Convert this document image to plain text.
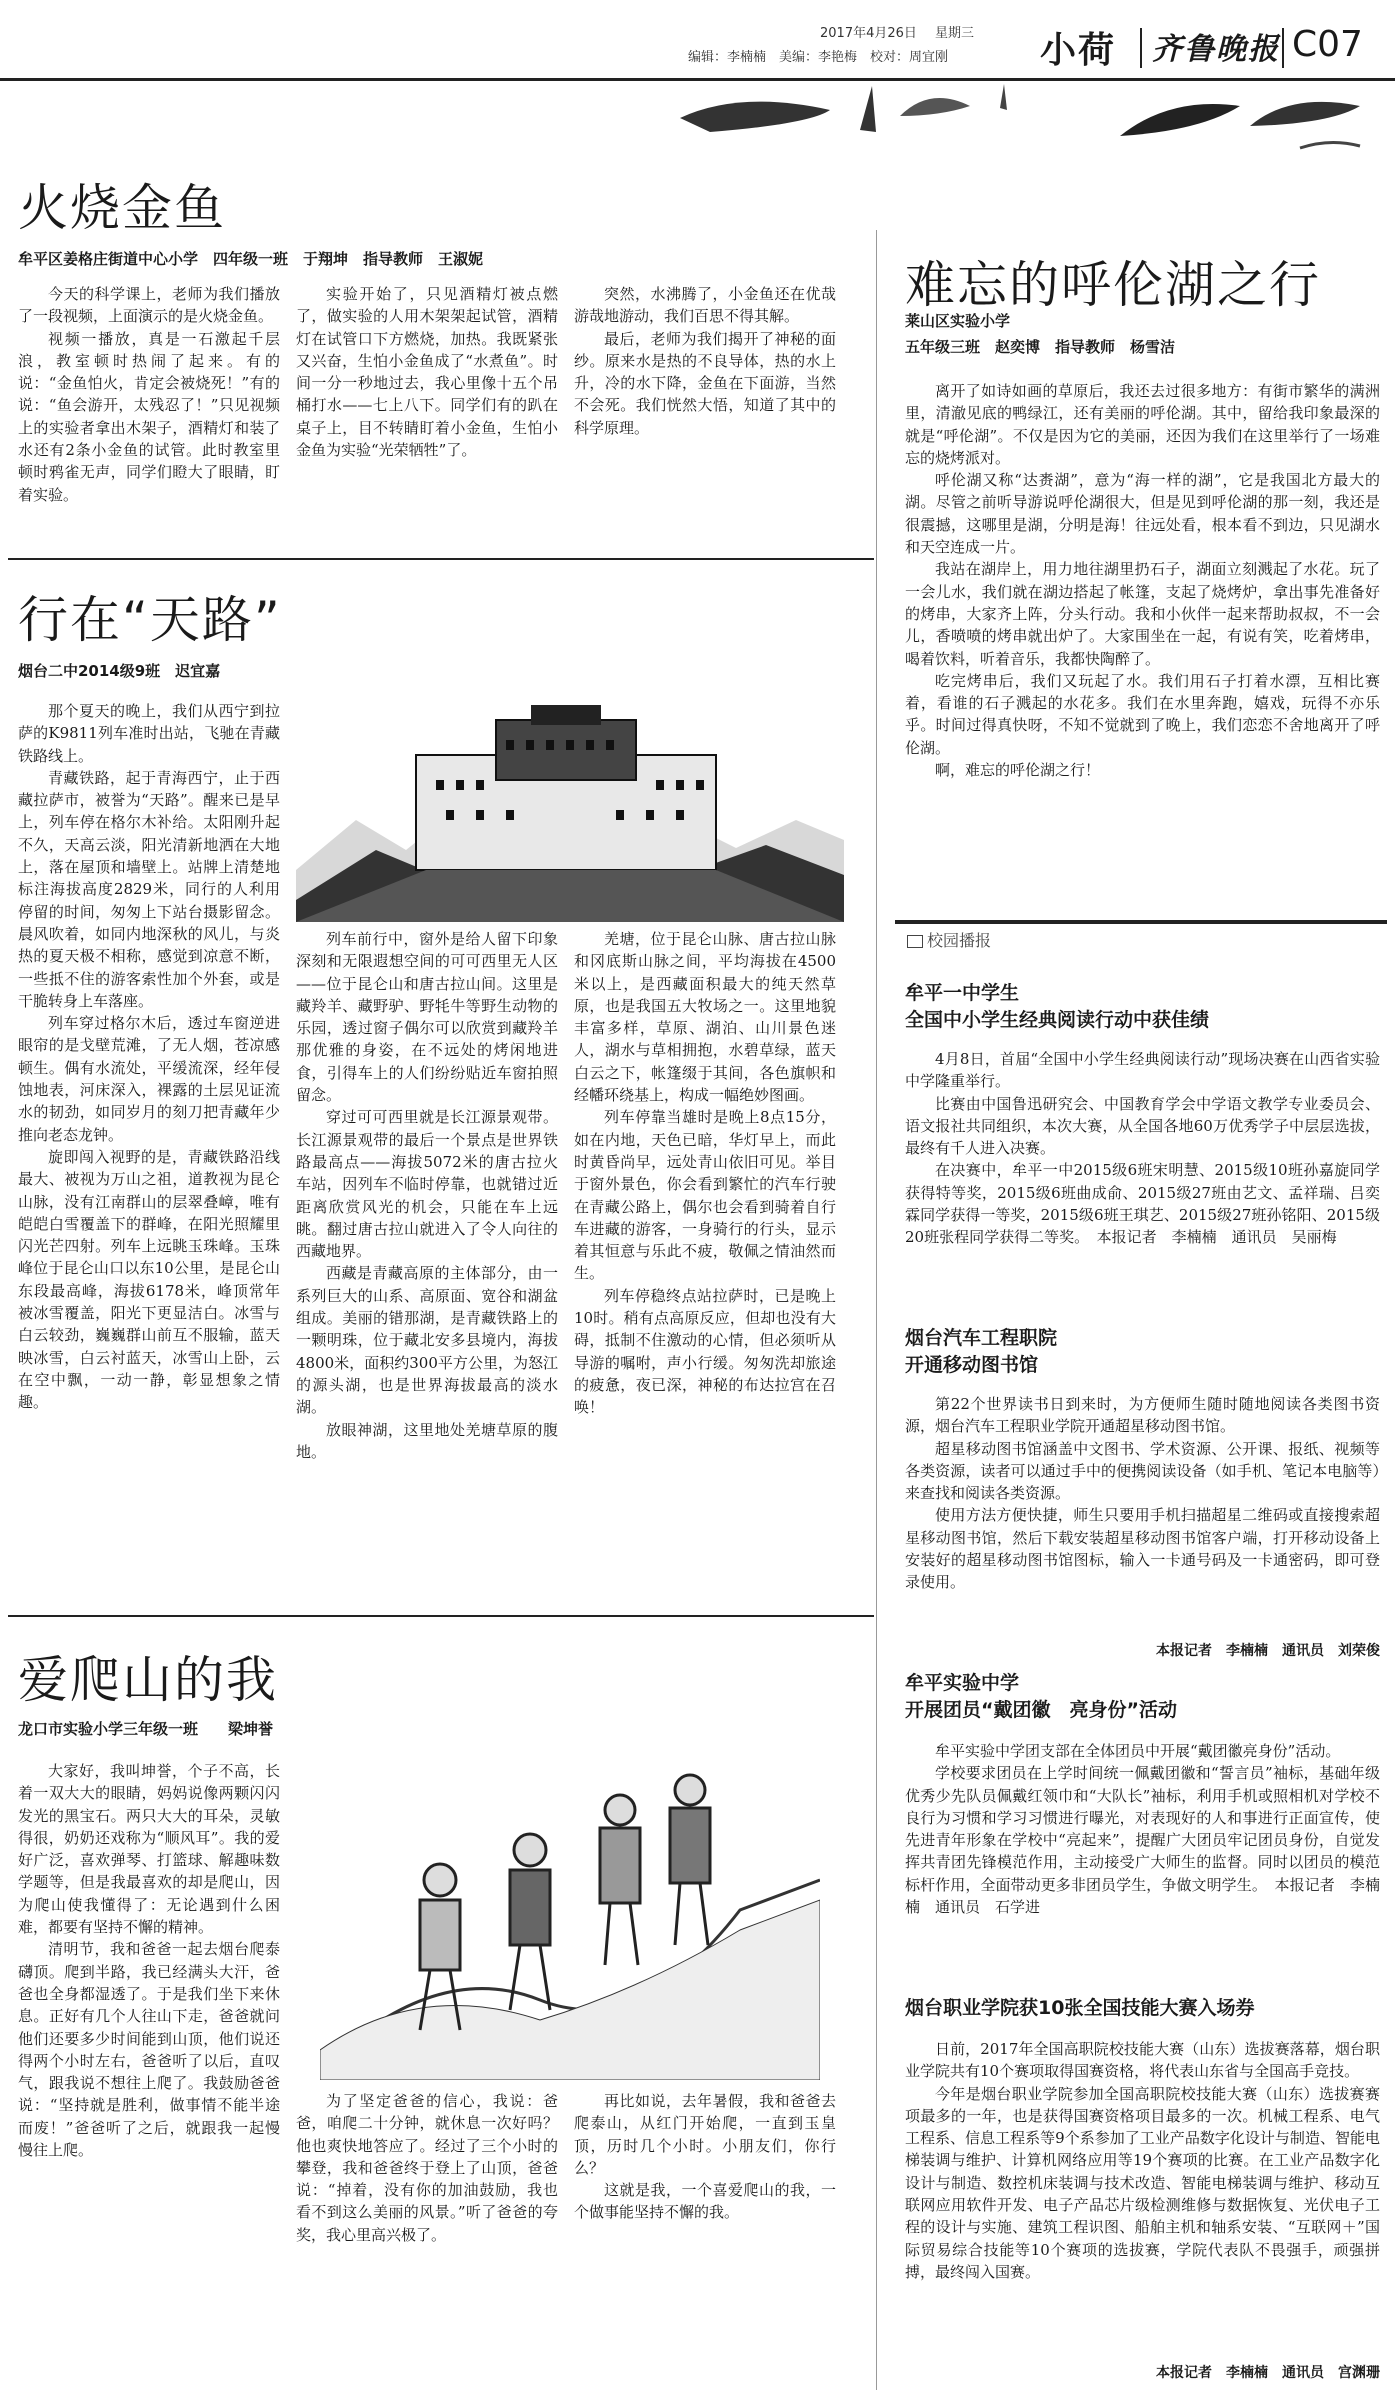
2017年4月26日 星期三
编辑：李楠楠　美编：李艳梅　校对：周宜刚	小荷 齐鲁晚报 C07
火烧金鱼
牟平区姜格庄街道中心小学　四年级一班　于翔坤　指导教师　王淑妮

今天的科学课上，老师为我们播放了一段视频，上面演示的是火烧金鱼。

视频一播放，真是一石激起千层浪，教室顿时热闹了起来。有的说：“金鱼怕火，肯定会被烧死！”有的说：“鱼会游开，太残忍了！”只见视频上的实验者拿出木架子，酒精灯和装了水还有2条小金鱼的试管。此时教室里顿时鸦雀无声，同学们瞪大了眼睛，盯着实验。

实验开始了，只见酒精灯被点燃了，做实验的人用木架架起试管，酒精灯在试管口下方燃烧，加热。我既紧张又兴奋，生怕小金鱼成了“水煮鱼”。时间一分一秒地过去，我心里像十五个吊桶打水——七上八下。同学们有的趴在桌子上，目不转睛盯着小金鱼，生怕小金鱼为实验“光荣牺牲”了。

突然，水沸腾了，小金鱼还在优哉游哉地游动，我们百思不得其解。

最后，老师为我们揭开了神秘的面纱。原来水是热的不良导体，热的水上升，冷的水下降，金鱼在下面游，当然不会死。我们恍然大悟，知道了其中的科学原理。

行在“天路”
烟台二中2014级9班　迟宜嘉

那个夏天的晚上，我们从西宁到拉萨的K9811列车准时出站，飞驰在青藏铁路线上。

青藏铁路，起于青海西宁，止于西藏拉萨市，被誉为“天路”。醒来已是早上，列车停在格尔木补给。太阳刚升起不久，天高云淡，阳光清新地洒在大地上，落在屋顶和墙壁上。站牌上清楚地标注海拔高度2829米，同行的人利用停留的时间，匆匆上下站台摄影留念。晨风吹着，如同内地深秋的风儿，与炎热的夏天极不相称，感觉到凉意不断，一些抵不住的游客索性加个外套，或是干脆转身上车落座。

列车穿过格尔木后，透过车窗逆进眼帘的是戈壁荒滩，了无人烟，苍凉感顿生。偶有水流处，平缓流深，经年侵蚀地表，河床深入，裸露的土层见证流水的韧劲，如同岁月的刻刀把青藏年少推向老态龙钟。

旋即闯入视野的是，青藏铁路沿线最大、被视为万山之祖，道教视为昆仑山脉，没有江南群山的层翠叠嶂，唯有皑皑白雪覆盖下的群峰，在阳光照耀里闪光芒四射。列车上远眺玉珠峰。玉珠峰位于昆仑山口以东10公里，是昆仑山东段最高峰，海拔6178米，峰顶常年被冰雪覆盖，阳光下更显洁白。冰雪与白云较劲，巍巍群山前互不服输，蓝天映冰雪，白云衬蓝天，冰雪山上卧，云在空中飘，一动一静，彰显想象之情趣。

列车前行中，窗外是给人留下印象深刻和无限遐想空间的可可西里无人区——位于昆仑山和唐古拉山间。这里是藏羚羊、藏野驴、野牦牛等野生动物的乐园，透过窗子偶尔可以欣赏到藏羚羊那优雅的身姿，在不远处的烤闲地进食，引得车上的人们纷纷贴近车窗拍照留念。

穿过可可西里就是长江源景观带。长江源景观带的最后一个景点是世界铁路最高点——海拔5072米的唐古拉火车站，因列车不临时停靠，也就错过近距离欣赏风光的机会，只能在车上远眺。翻过唐古拉山就进入了令人向往的西藏地界。

西藏是青藏高原的主体部分，由一系列巨大的山系、高原面、宽谷和湖盆组成。美丽的错那湖，是青藏铁路上的一颗明珠，位于藏北安多县境内，海拔4800米，面积约300平方公里，为怒江的源头湖，也是世界海拔最高的淡水湖。

放眼神湖，这里地处羌塘草原的腹地。

羌塘，位于昆仑山脉、唐古拉山脉和冈底斯山脉之间，平均海拔在4500米以上，是西藏面积最大的纯天然草原，也是我国五大牧场之一。这里地貌丰富多样，草原、湖泊、山川景色迷人，湖水与草相拥抱，水碧草绿，蓝天白云之下，帐篷缀于其间，各色旗帜和经幡环绕基上，构成一幅绝妙图画。

列车停靠当雄时是晚上8点15分，如在内地，天色已暗，华灯早上，而此时黄昏尚早，远处青山依旧可见。举目于窗外景色，你会看到繁忙的汽车行驶在青藏公路上，偶尔也会看到骑着自行车进藏的游客，一身骑行的行头，显示着其恒意与乐此不疲，敬佩之情油然而生。

列车停稳终点站拉萨时，已是晚上10时。稍有点高原反应，但却也没有大碍，抵制不住激动的心情，但必须听从导游的嘱咐，声小行缓。匆匆洗却旅途的疲惫，夜已深，神秘的布达拉宫在召唤！

爱爬山的我
龙口市实验小学三年级一班　　梁坤誉

大家好，我叫坤誉，个子不高，长着一双大大的眼睛，妈妈说像两颗闪闪发光的黑宝石。两只大大的耳朵，灵敏得很，奶奶还戏称为“顺风耳”。我的爱好广泛，喜欢弹琴、打篮球、解趣味数学题等，但是我最喜欢的却是爬山，因为爬山使我懂得了：无论遇到什么困难，都要有坚持不懈的精神。

清明节，我和爸爸一起去烟台爬泰礴顶。爬到半路，我已经满头大汗，爸爸也全身都湿透了。于是我们坐下来休息。正好有几个人往山下走，爸爸就问他们还要多少时间能到山顶，他们说还得两个小时左右，爸爸听了以后，直叹气，跟我说不想往上爬了。我鼓励爸爸说：“坚持就是胜利，做事情不能半途而废！”爸爸听了之后，就跟我一起慢慢往上爬。

为了坚定爸爸的信心，我说：爸爸，咱爬二十分钟，就休息一次好吗？他也爽快地答应了。经过了三个小时的攀登，我和爸爸终于登上了山顶，爸爸说：“掉着，没有你的加油鼓励，我也看不到这么美丽的风景。”听了爸爸的夸奖，我心里高兴极了。

再比如说，去年暑假，我和爸爸去爬泰山，从红门开始爬，一直到玉皇顶，历时几个小时。小朋友们，你行么？

这就是我，一个喜爱爬山的我，一个做事能坚持不懈的我。

难忘的呼伦湖之行
莱山区实验小学
五年级三班　赵奕博　指导教师　杨雪洁

离开了如诗如画的草原后，我还去过很多地方：有街市繁华的满洲里，清澈见底的鸭绿江，还有美丽的呼伦湖。其中，留给我印象最深的就是“呼伦湖”。不仅是因为它的美丽，还因为我们在这里举行了一场难忘的烧烤派对。

呼伦湖又称“达赉湖”，意为“海一样的湖”，它是我国北方最大的湖。尽管之前听导游说呼伦湖很大，但是见到呼伦湖的那一刻，我还是很震撼，这哪里是湖，分明是海！往远处看，根本看不到边，只见湖水和天空连成一片。

我站在湖岸上，用力地往湖里扔石子，湖面立刻溅起了水花。玩了一会儿水，我们就在湖边搭起了帐篷，支起了烧烤炉，拿出事先准备好的烤串，大家齐上阵，分头行动。我和小伙伴一起来帮助叔叔，不一会儿，香喷喷的烤串就出炉了。大家围坐在一起，有说有笑，吃着烤串，喝着饮料，听着音乐，我都快陶醉了。

吃完烤串后，我们又玩起了水。我们用石子打着水漂，互相比赛着，看谁的石子溅起的水花多。我们在水里奔跑，嬉戏，玩得不亦乐乎。时间过得真快呀，不知不觉就到了晚上，我们恋恋不舍地离开了呼伦湖。

啊，难忘的呼伦湖之行！

校园播报
牟平一中学生
全国中小学生经典阅读行动中获佳绩

4月8日，首届“全国中小学生经典阅读行动”现场决赛在山西省实验中学隆重举行。

比赛由中国鲁迅研究会、中国教育学会中学语文教学专业委员会、语文报社共同组织，本次大赛，从全国各地60万优秀学子中层层选拔，最终有千人进入决赛。

在决赛中，牟平一中2015级6班宋明慧、2015级10班孙嘉旋同学获得特等奖，2015级6班曲成俞、2015级27班由艺文、孟祥瑞、吕奕霖同学获得一等奖，2015级6班王琪艺、2015级27班孙铭阳、2015级20班张程同学获得二等奖。　本报记者　李楠楠　通讯员　吴丽梅

烟台汽车工程职院
开通移动图书馆

第22个世界读书日到来时，为方便师生随时随地阅读各类图书资源，烟台汽车工程职业学院开通超星移动图书馆。

超星移动图书馆涵盖中文图书、学术资源、公开课、报纸、视频等各类资源，读者可以通过手中的便携阅读设备（如手机、笔记本电脑等）来查找和阅读各类资源。

使用方法方便快捷，师生只要用手机扫描超星二维码或直接搜索超星移动图书馆，然后下载安装超星移动图书馆客户端，打开移动设备上安装好的超星移动图书馆图标，输入一卡通号码及一卡通密码，即可登录使用。

本报记者　李楠楠　通讯员　刘荣俊
牟平实验中学
开展团员“戴团徽　亮身份”活动

牟平实验中学团支部在全体团员中开展“戴团徽亮身份”活动。

学校要求团员在上学时间统一佩戴团徽和“誓言员”袖标，基础年级优秀少先队员佩戴红领巾和“大队长”袖标，利用手机或照相机对学校不良行为习惯和学习习惯进行曝光，对表现好的人和事进行正面宣传，使先进青年形象在学校中“亮起来”，提醒广大团员牢记团员身份，自觉发挥共青团先锋模范作用，主动接受广大师生的监督。同时以团员的模范标杆作用，全面带动更多非团员学生，争做文明学生。　本报记者　李楠楠　通讯员　石学进

烟台职业学院获10张全国技能大赛入场券

日前，2017年全国高职院校技能大赛（山东）选拔赛落幕，烟台职业学院共有10个赛项取得国赛资格，将代表山东省与全国高手竞技。

今年是烟台职业学院参加全国高职院校技能大赛（山东）选拔赛赛项最多的一年，也是获得国赛资格项目最多的一次。机械工程系、电气工程系、信息工程系等9个系参加了工业产品数字化设计与制造、智能电梯装调与维护、计算机网络应用等19个赛项的比赛。在工业产品数字化设计与制造、数控机床装调与技术改造、智能电梯装调与维护、移动互联网应用软件开发、电子产品芯片级检测维修与数据恢复、光伏电子工程的设计与实施、建筑工程识图、船舶主机和轴系安装、“互联网＋”国际贸易综合技能等10个赛项的选拔赛，学院代表队不畏强手，顽强拼搏，最终闯入国赛。

本报记者　李楠楠　通讯员　宫渊珊
